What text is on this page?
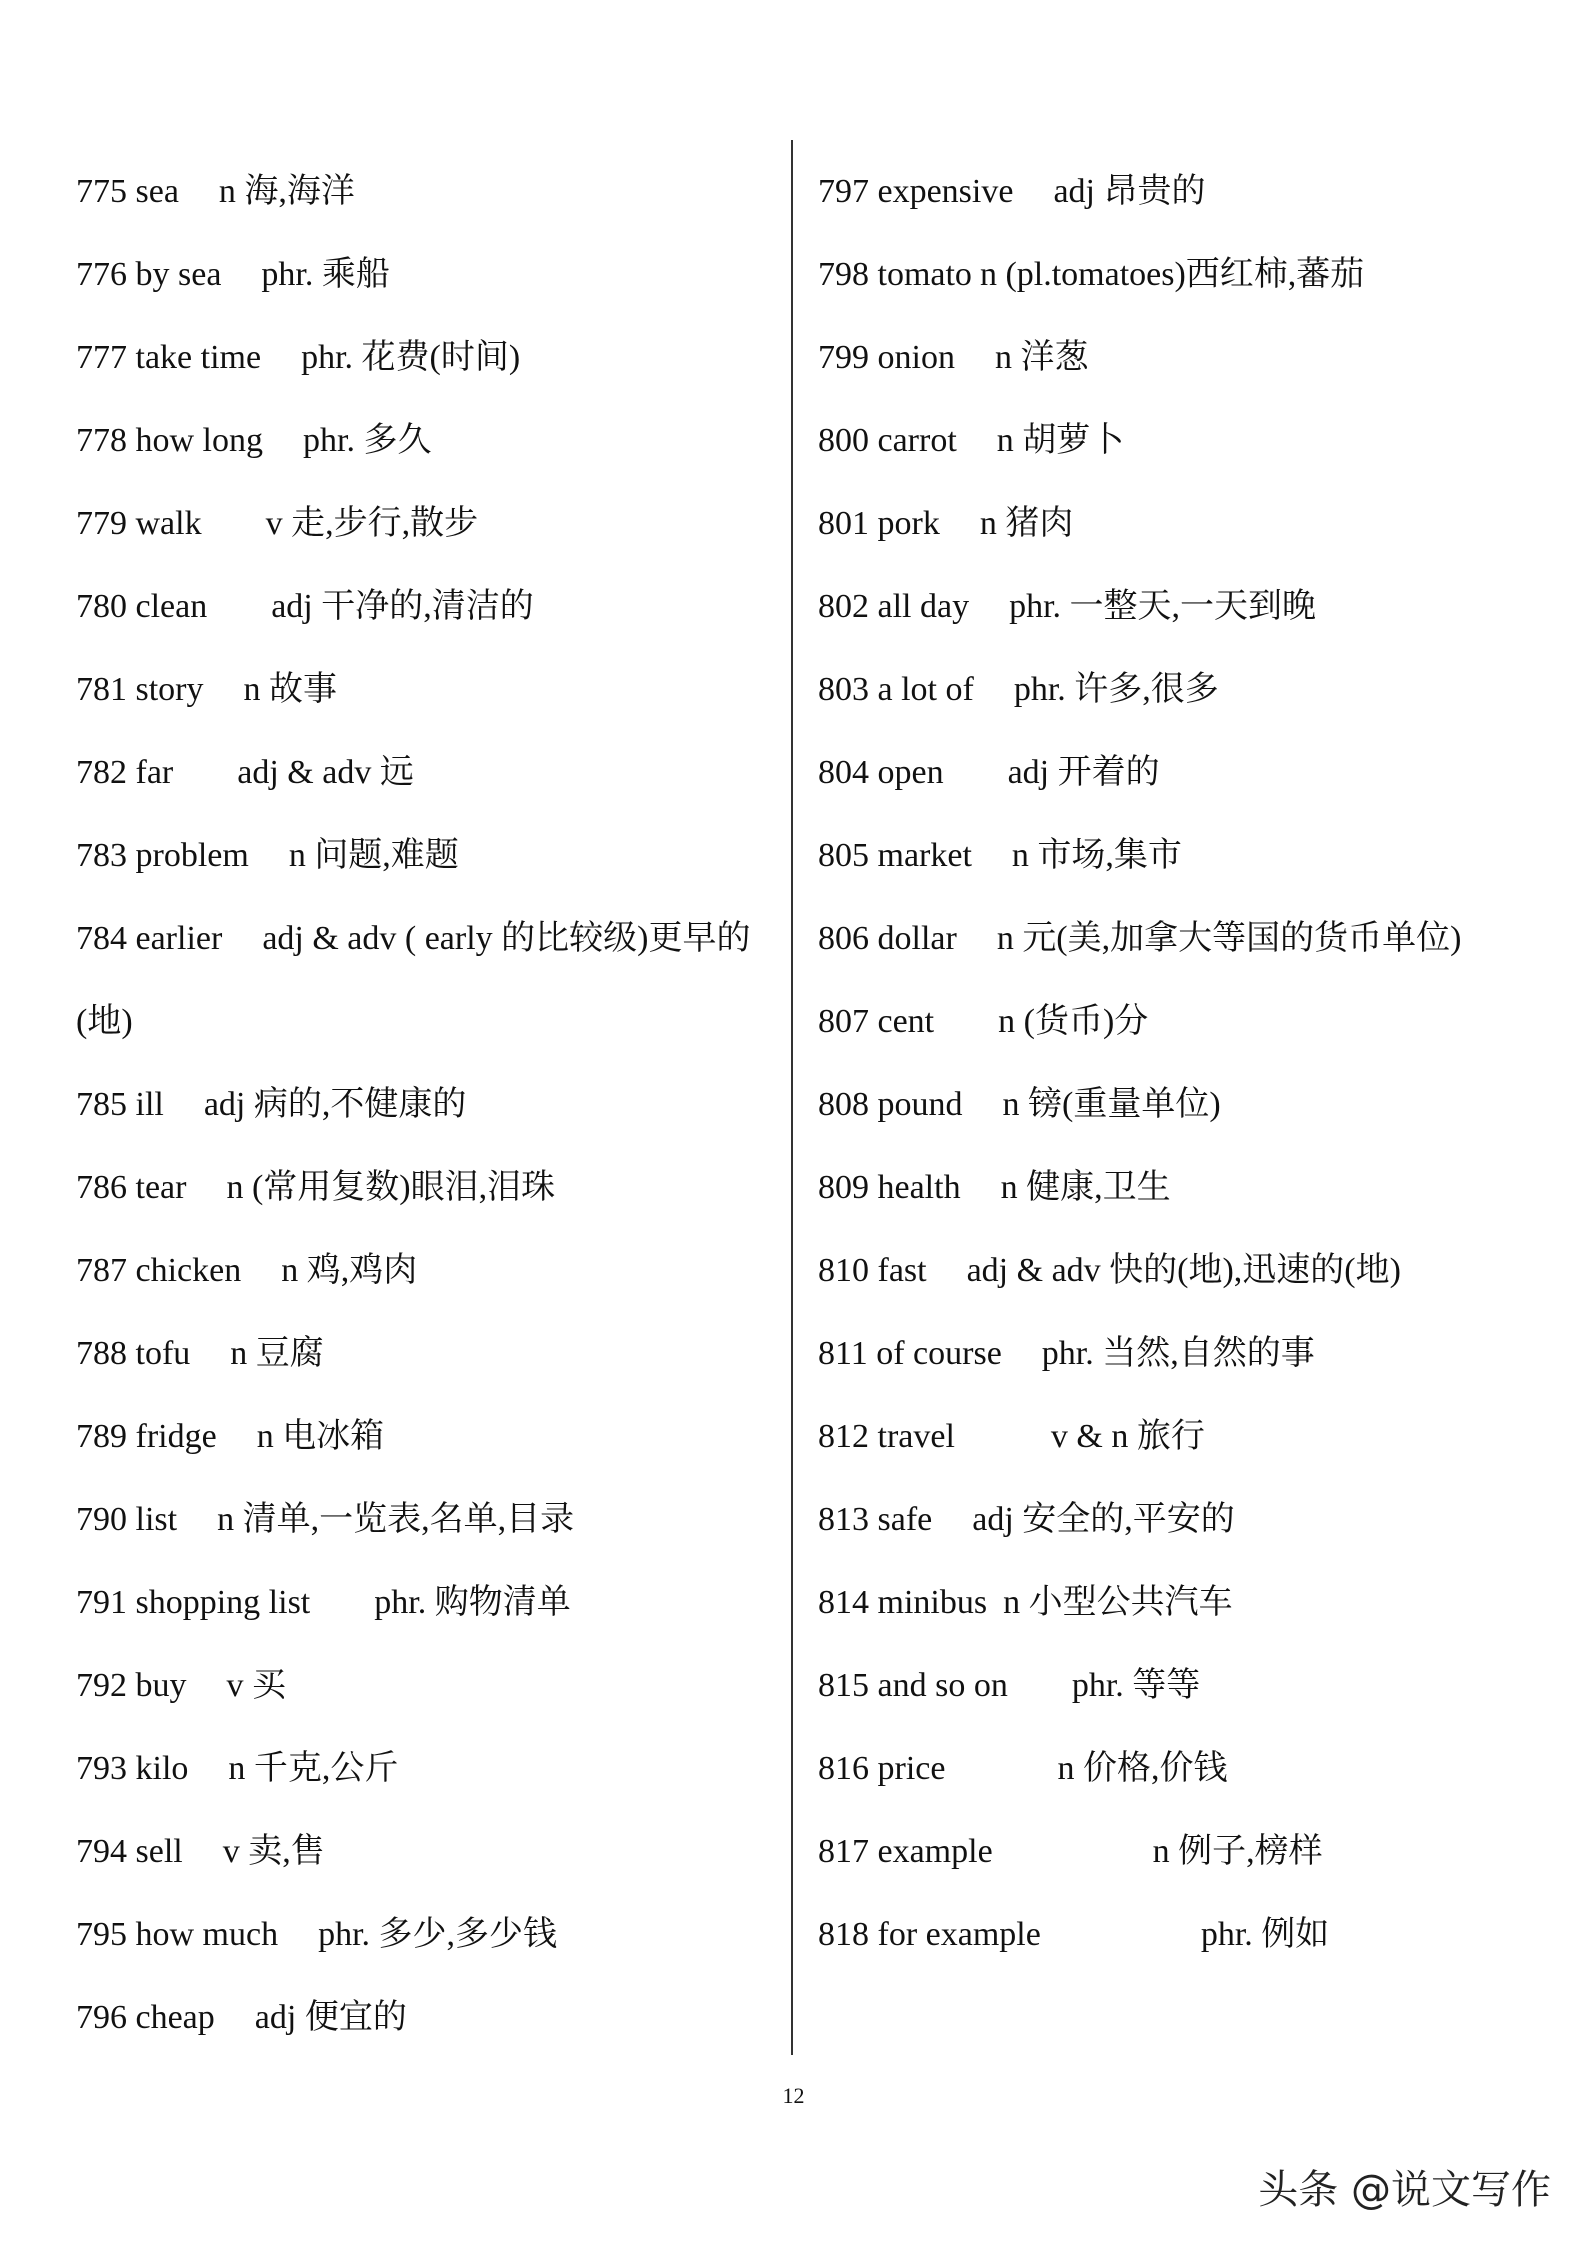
775 sea n 海,海洋
776 by sea phr. 乘船
777 take time phr. 花费(时间)
778 how long phr. 多久
779 walk v 走,步行,散步
780 clean adj 干净的,清洁的
781 story n 故事
782 far adj & adv 远
783 problem n 问题,难题
784 earlier adj & adv ( early 的比较级)更早的(地)
785 ill adj 病的,不健康的
786 tear n (常用复数)眼泪,泪珠
787 chicken n 鸡,鸡肉
788 tofu n 豆腐
789 fridge n 电冰箱
790 list n 清单,一览表,名单,目录
791 shopping list phr. 购物清单
792 buy v 买
793 kilo n 千克,公斤
794 sell v 卖,售
795 how much phr. 多少,多少钱
796 cheap adj 便宜的
797 expensive adj 昂贵的
798 tomato n (pl.tomatoes)西红柿,蕃茄
799 onion n 洋葱
800 carrot n 胡萝卜
801 pork n 猪肉
802 all day phr. 一整天,一天到晚
803 a lot of phr. 许多,很多
804 open adj 开着的
805 market n 市场,集市
806 dollar n 元(美,加拿大等国的货币单位)
807 cent n (货币)分
808 pound n 镑(重量单位)
809 health n 健康,卫生
810 fast adj & adv 快的(地),迅速的(地)
811 of course phr. 当然,自然的事
812 travel	v & n 旅行
813 safe adj 安全的,平安的
814 minibus n 小型公共汽车
815 and so on phr. 等等
816 price	n 价格,价钱
817 example	n 例子,榜样
818 for example	phr. 例如
12
头条 @说文写作
